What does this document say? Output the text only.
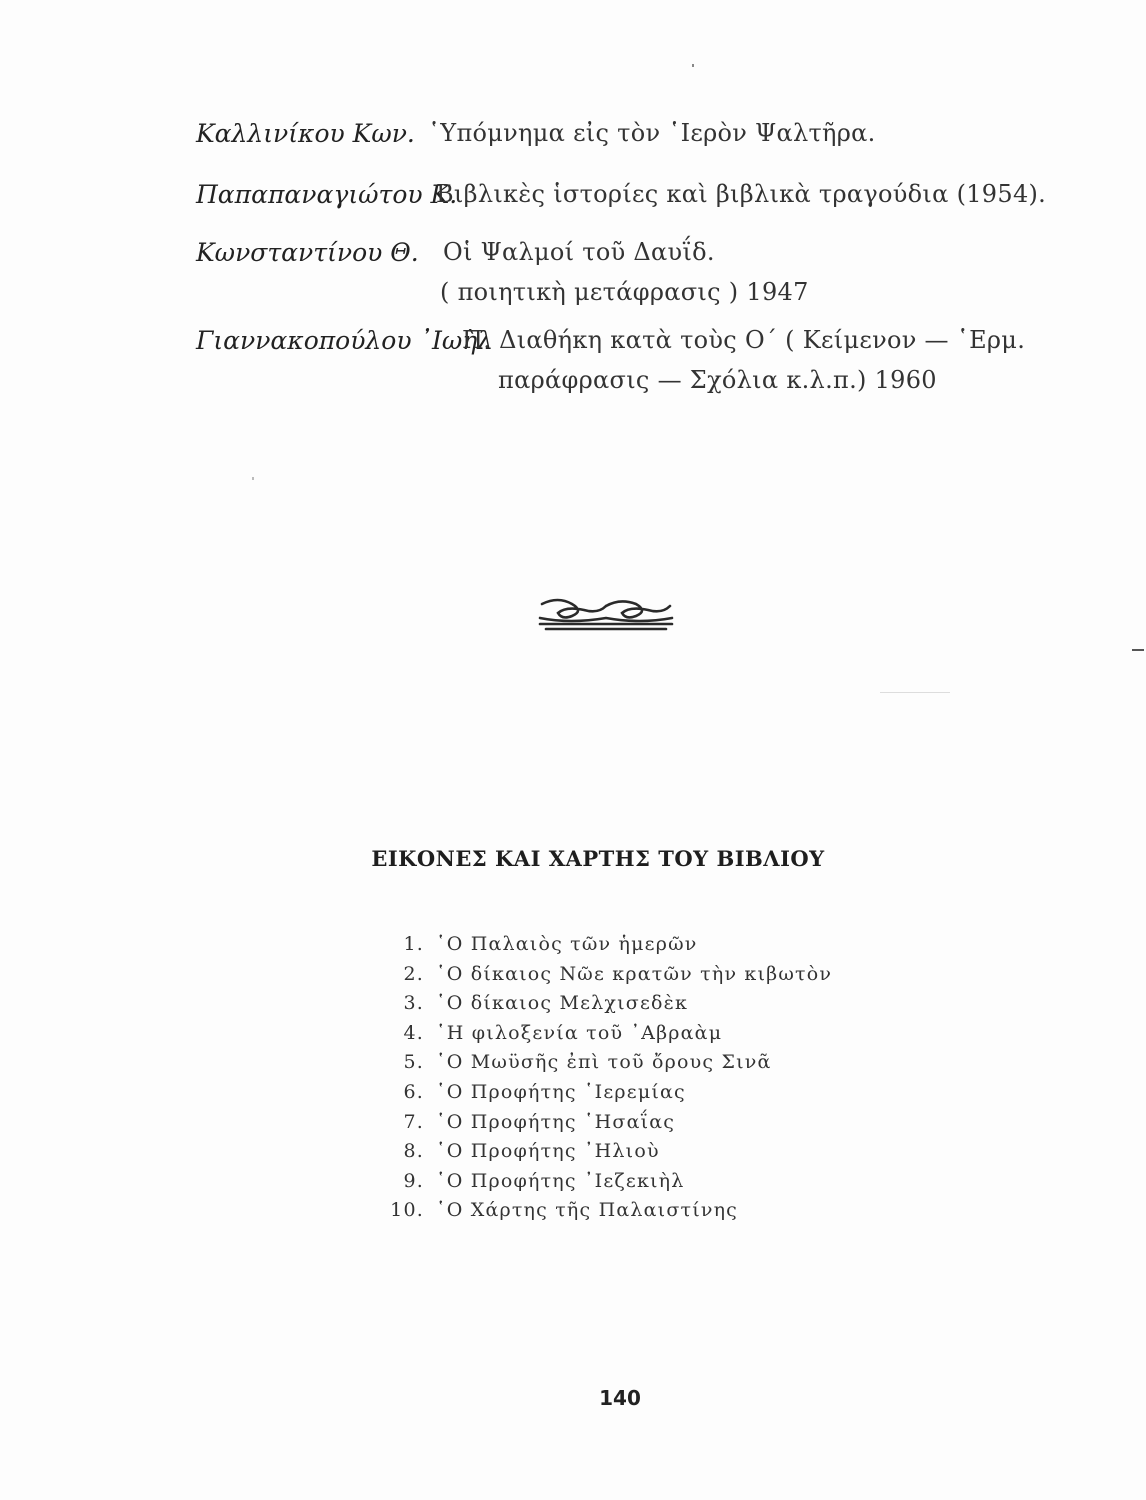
Καλλινίκου Κων. ῾Υπόμνημα εἰς τὸν ῾Ιερὸν Ψαλτῆρα.
Παπαπαναγιώτου Κ.
Βιβλικὲς ἱστορίες καὶ βιβλικὰ τραγούδια (1954).
Κωνσταντίνου Θ. Οἱ Ψαλμοί τοῦ Δαυΐδ.
( ποιητικὴ μετάφρασις ) 1947
Γιαννακοπούλου ᾿Ιωὴλ
Π. Διαθήκη κατὰ τοὺς Ο΄ ( Κείμενον — ῾Ερμ.
παράφρασις — Σχόλια κ.λ.π.) 1960
ΕΙΚΟΝΕΣ ΚΑΙ ΧΑΡΤΗΣ ΤΟΥ ΒΙΒΛΙΟΥ
1. ῾Ο Παλαιὸς τῶν ἡμερῶν
2. ῾Ο δίκαιος Νῶε κρατῶν τὴν κιβωτὸν
3. ῾Ο δίκαιος Μελχισεδὲκ
4. ῾Η φιλοξενία τοῦ ᾿Αβραὰμ
5. ῾Ο Μωϋσῆς ἐπὶ τοῦ ὄρους Σινᾶ
6. ῾Ο Προφήτης ῾Ιερεμίας
7. ῾Ο Προφήτης ῾Ησαΐας
8. ῾Ο Προφήτης ᾿Ηλιοὺ
9. ῾Ο Προφήτης ᾿Ιεζεκιὴλ
10. ῾Ο Χάρτης τῆς Παλαιστίνης
140
